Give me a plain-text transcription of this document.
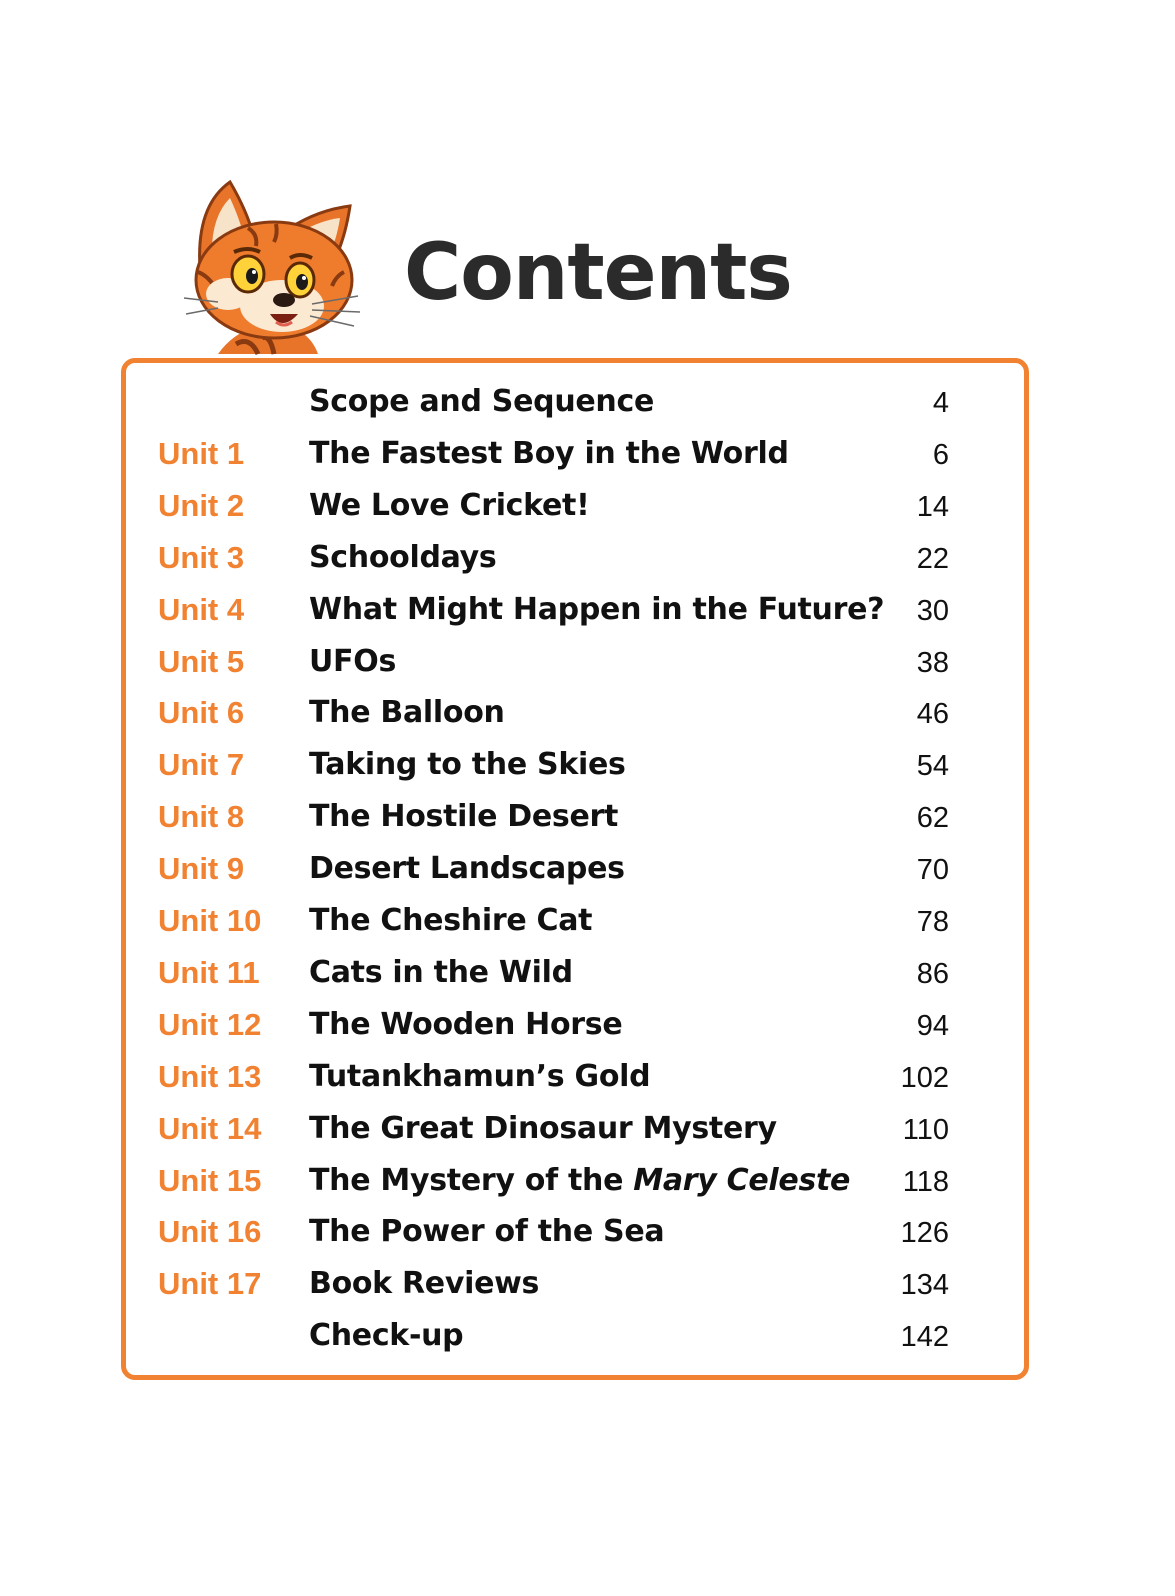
Contents
Scope and Sequence	4
Unit 1 The Fastest Boy in the World	6
Unit 2 We Love Cricket!	14
Unit 3 Schooldays	22
Unit 4 What Might Happen in the Future? 30
Unit 5 UFOs	38
Unit 6 The Balloon	46
Unit 7 Taking to the Skies	54
Unit 8 The Hostile Desert	62
Unit 9 Desert Landscapes	70
Unit 10 The Cheshire Cat	78
Unit 11 Cats in the Wild	86
Unit 12 The Wooden Horse	94
Unit 13 Tutankhamun’s Gold	102
Unit 14 The Great Dinosaur Mystery	110
Unit 15 The Mystery of the Mary Celeste 118
Unit 16 The Power of the Sea	126
Unit 17 Book Reviews	134
Check-up	142
